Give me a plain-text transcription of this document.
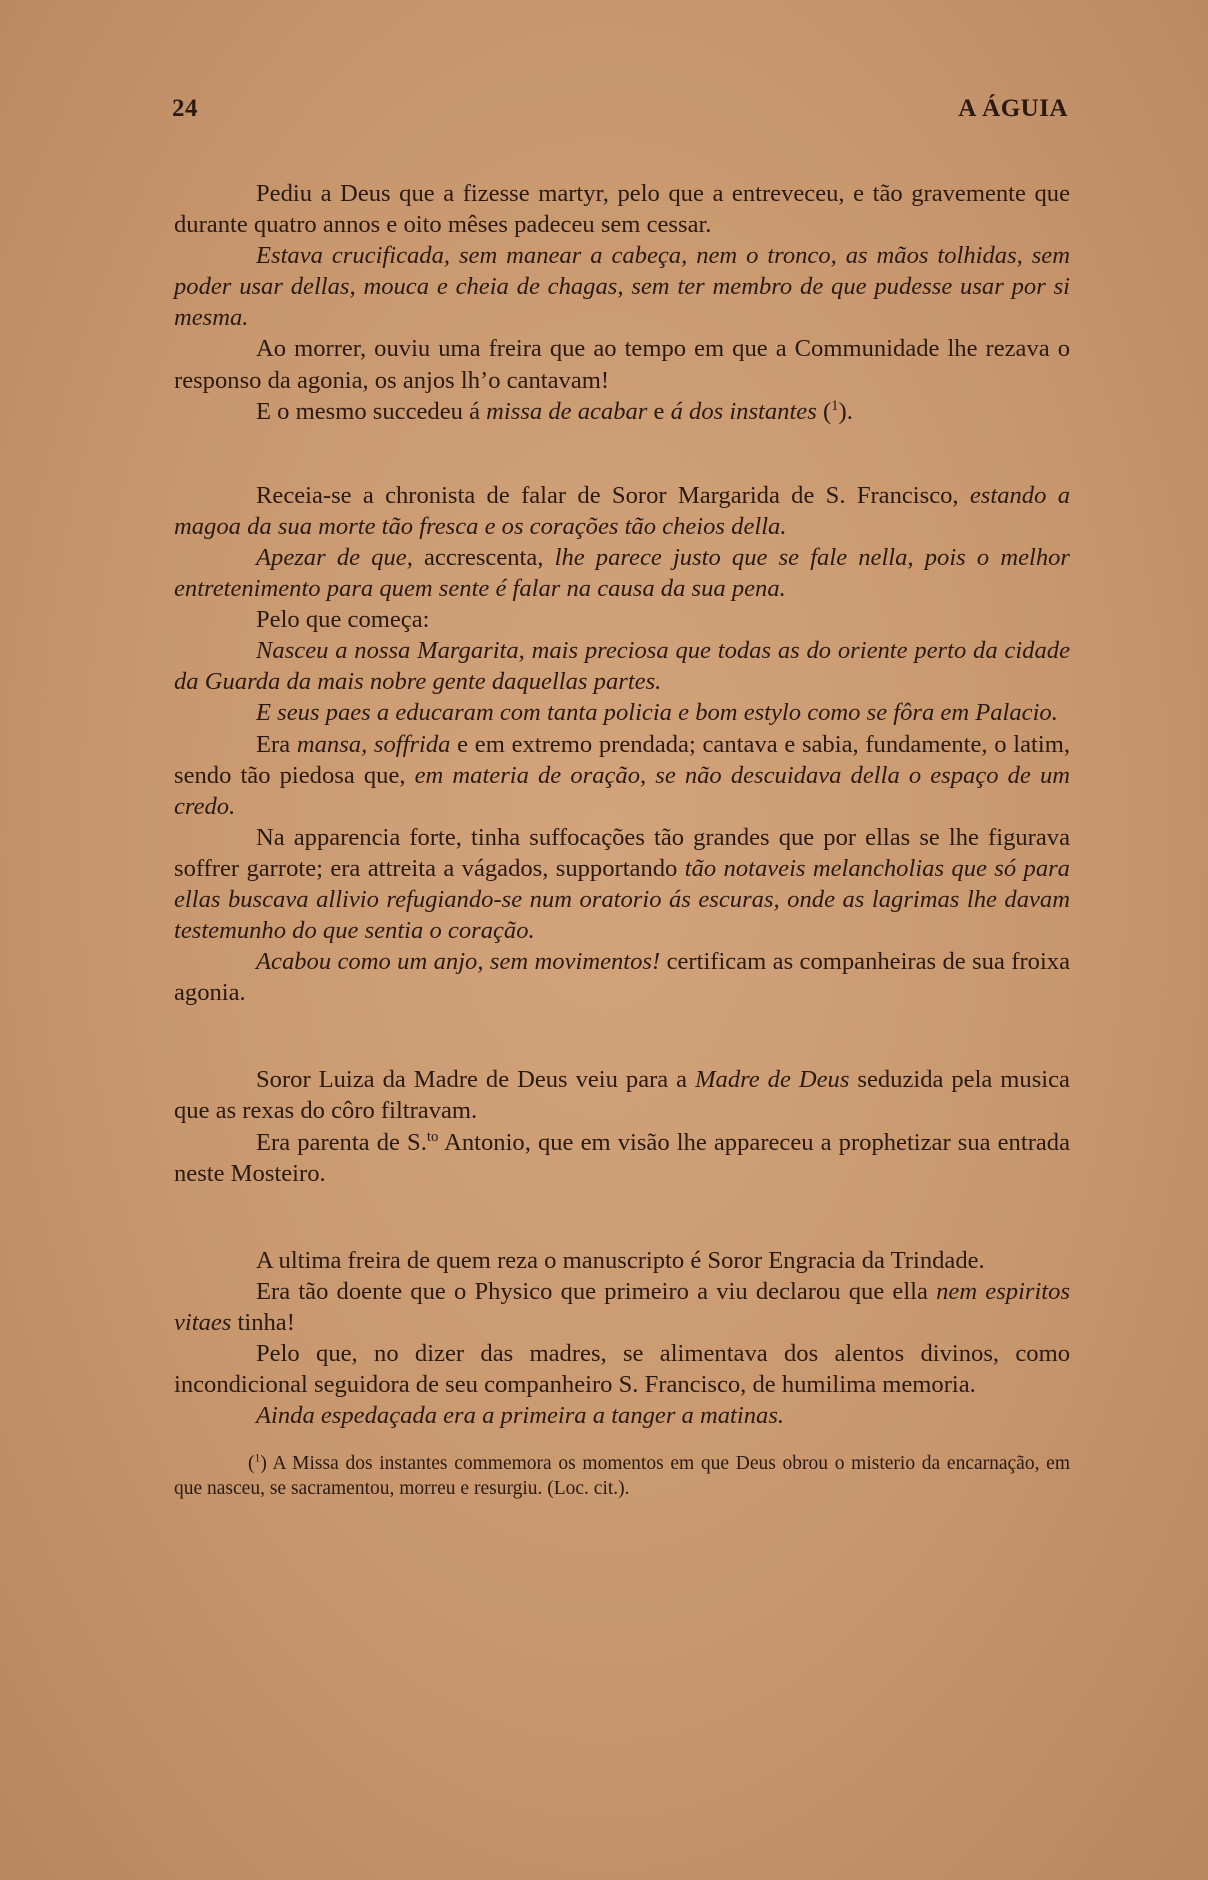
24	A ÁGUIA

Pediu a Deus que a fizesse martyr, pelo que a entreveceu, e tão gravemente que durante quatro annos e oito mêses padeceu sem cessar.

Estava crucificada, sem manear a cabeça, nem o tronco, as mãos tolhidas, sem poder usar dellas, mouca e cheia de chagas, sem ter membro de que pudesse usar por si mesma.

Ao morrer, ouviu uma freira que ao tempo em que a Communidade lhe rezava o responso da agonia, os anjos lh’o cantavam!

E o mesmo succedeu á missa de acabar e á dos instantes ($^1$).

Receia-se a chronista de falar de Soror Margarida de S. Francisco, estando a magoa da sua morte tão fresca e os corações tão cheios della.

Apezar de que, accrescenta, lhe parece justo que se fale nella, pois o melhor entretenimento para quem sente é falar na causa da sua pena.

Pelo que começa:

Nasceu a nossa Margarita, mais preciosa que todas as do oriente perto da cidade da Guarda da mais nobre gente daquellas partes.

E seus paes a educaram com tanta policia e bom estylo como se fôra em Palacio.

Era mansa, soffrida e em extremo prendada; cantava e sabia, fundamente, o latim, sendo tão piedosa que, em materia de oração, se não descuidava della o espaço de um credo.

Na apparencia forte, tinha suffocações tão grandes que por ellas se lhe figurava soffrer garrote; era attreita a vágados, supportando tão notaveis melancholias que só para ellas buscava allivio refugiando-se num oratorio ás escuras, onde as lagrimas lhe davam testemunho do que sentia o coração.

Acabou como um anjo, sem movimentos! certificam as companheiras de sua froixa agonia.

Soror Luiza da Madre de Deus veiu para a Madre de Deus seduzida pela musica que as rexas do côro filtravam.

Era parenta de S.$^{to}$ Antonio, que em visão lhe appareceu a prophetizar sua entrada neste Mosteiro.

A ultima freira de quem reza o manuscripto é Soror Engracia da Trindade.

Era tão doente que o Physico que primeiro a viu declarou que ella nem espiritos vitaes tinha!

Pelo que, no dizer das madres, se alimentava dos alentos divinos, como incondicional seguidora de seu companheiro S. Francisco, de humilima memoria.

Ainda espedaçada era a primeira a tanger a matinas.

($^1$) A Missa dos instantes commemora os momentos em que Deus obrou o misterio da encarnação, em que nasceu, se sacramentou, morreu e resurgiu. (Loc. cit.).
